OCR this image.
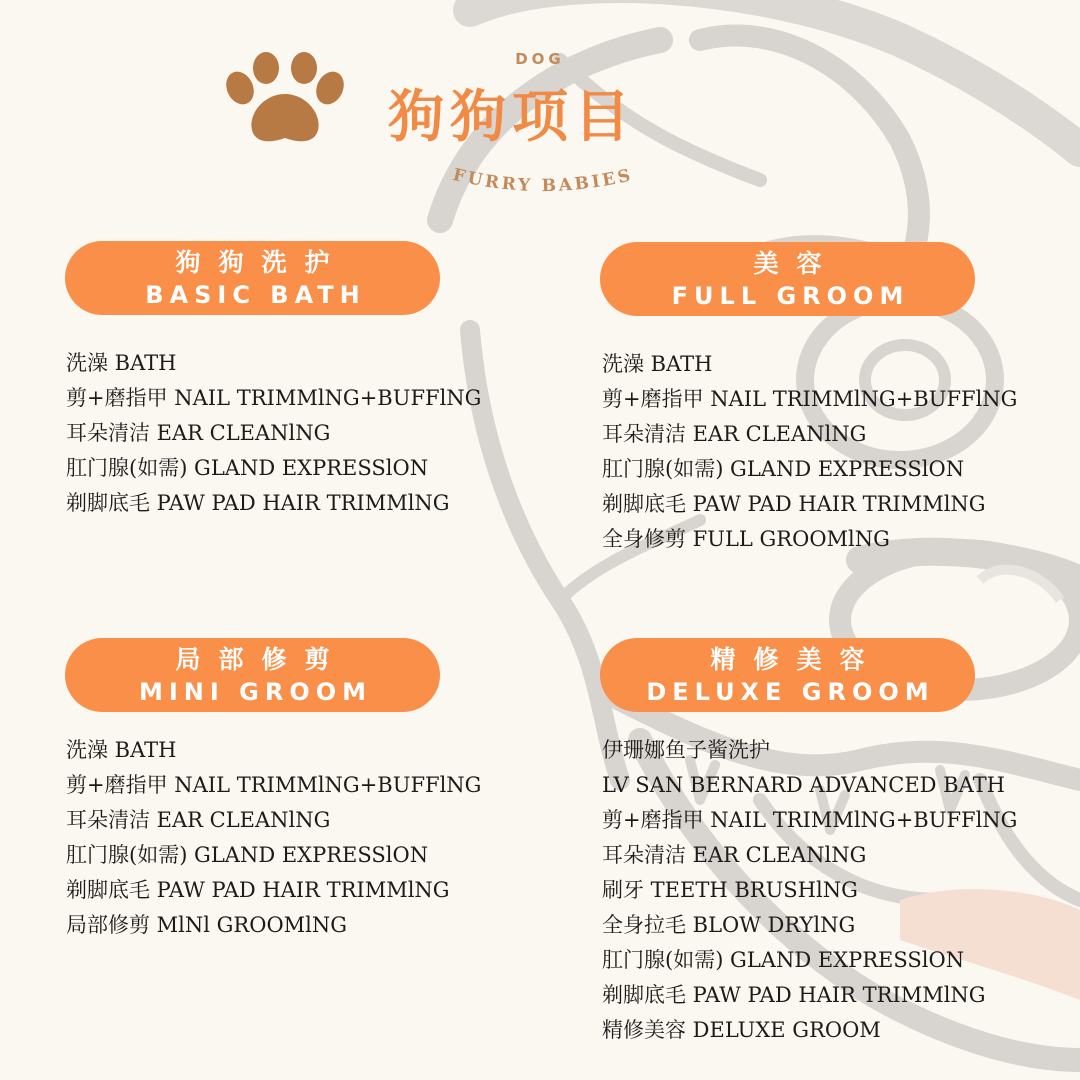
DOG
狗狗项目
FURRY BABIES
狗狗洗护
BASIC BATH
洗澡 BATH
剪+磨指甲 NAIL TRIMMlNG+BUFFlNG
耳朵清洁 EAR CLEANlNG
肛门腺(如需) GLAND EXPRESSlON
剃脚底毛 PAW PAD HAIR TRIMMlNG
美容
FULL GROOM
洗澡 BATH
剪+磨指甲 NAIL TRIMMlNG+BUFFlNG
耳朵清洁 EAR CLEANlNG
肛门腺(如需) GLAND EXPRESSlON
剃脚底毛 PAW PAD HAIR TRIMMlNG
全身修剪 FULL GROOMlNG
局部修剪
MINI GROOM
洗澡 BATH
剪+磨指甲 NAIL TRIMMlNG+BUFFlNG
耳朵清洁 EAR CLEANlNG
肛门腺(如需) GLAND EXPRESSlON
剃脚底毛 PAW PAD HAIR TRIMMlNG
局部修剪 MlNl GROOMlNG
精修美容
DELUXE GROOM
伊珊娜鱼子酱洗护
LV SAN BERNARD ADVANCED BATH
剪+磨指甲 NAIL TRIMMlNG+BUFFlNG
耳朵清洁 EAR CLEANlNG
刷牙 TEETH BRUSHlNG
全身拉毛 BLOW DRYlNG
肛门腺(如需) GLAND EXPRESSlON
剃脚底毛 PAW PAD HAIR TRIMMlNG
精修美容 DELUXE GROOM
